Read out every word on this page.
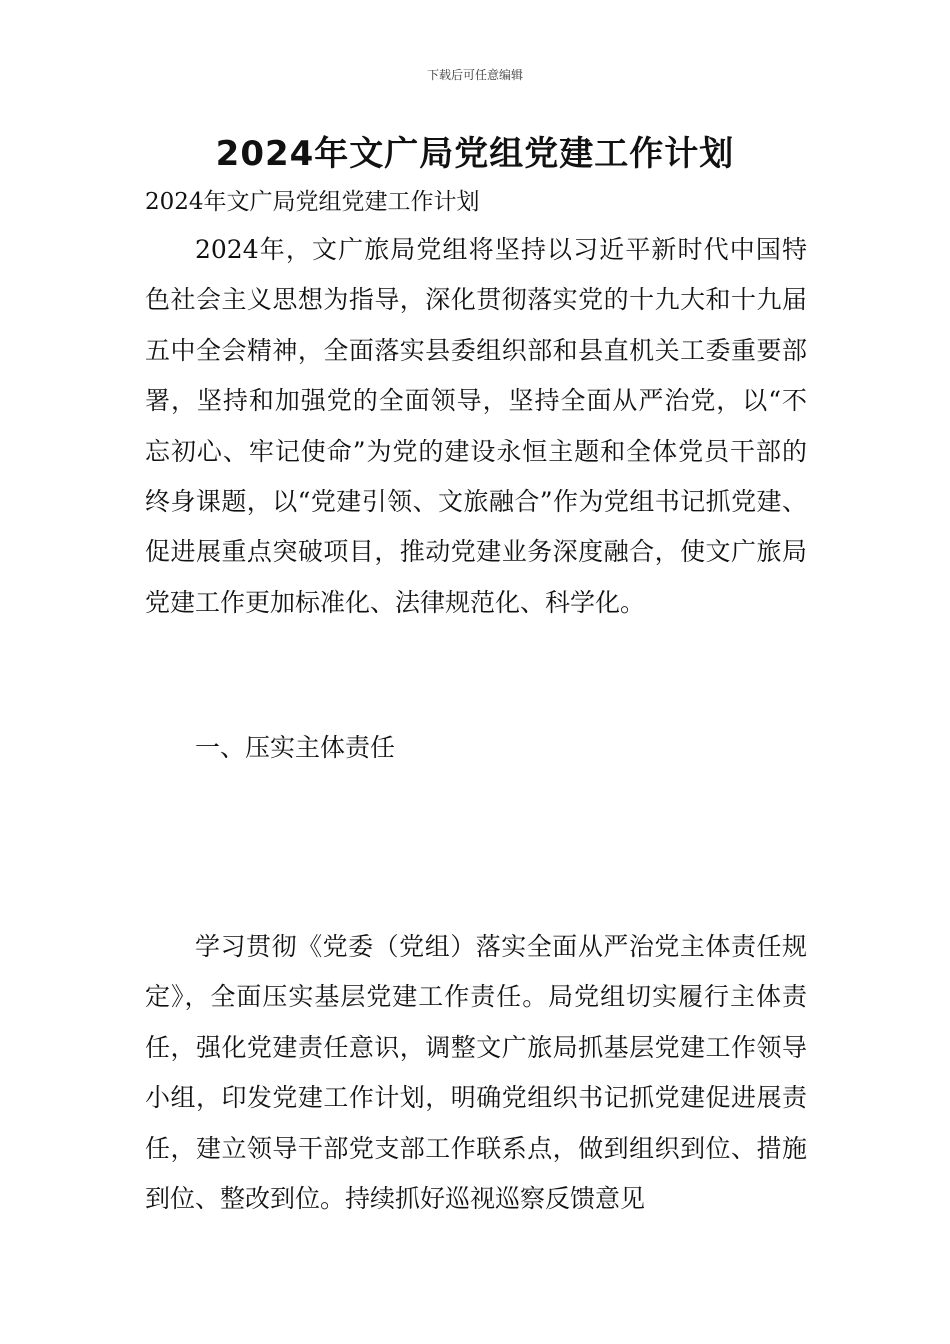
下载后可任意编辑
2024年文广局党组党建工作计划
2024年文广局党组党建工作计划

2024年，文广旅局党组将坚持以习近平新时代中国特色社会主义思想为指导，深化贯彻落实党的十九大和十九届五中全会精神，全面落实县委组织部和县直机关工委重要部署，坚持和加强党的全面领导，坚持全面从严治党，以“不忘初心、牢记使命”为党的建设永恒主题和全体党员干部的终身课题，以“党建引领、文旅融合”作为党组书记抓党建、促进展重点突破项目，推动党建业务深度融合，使文广旅局党建工作更加标准化、法律规范化、科学化。

一、压实主体责任

学习贯彻《党委（党组）落实全面从严治党主体责任规定》，全面压实基层党建工作责任。局党组切实履行主体责任，强化党建责任意识，调整文广旅局抓基层党建工作领导小组，印发党建工作计划，明确党组织书记抓党建促进展责任，建立领导干部党支部工作联系点，做到组织到位、措施到位、整改到位。持续抓好巡视巡察反馈意见
